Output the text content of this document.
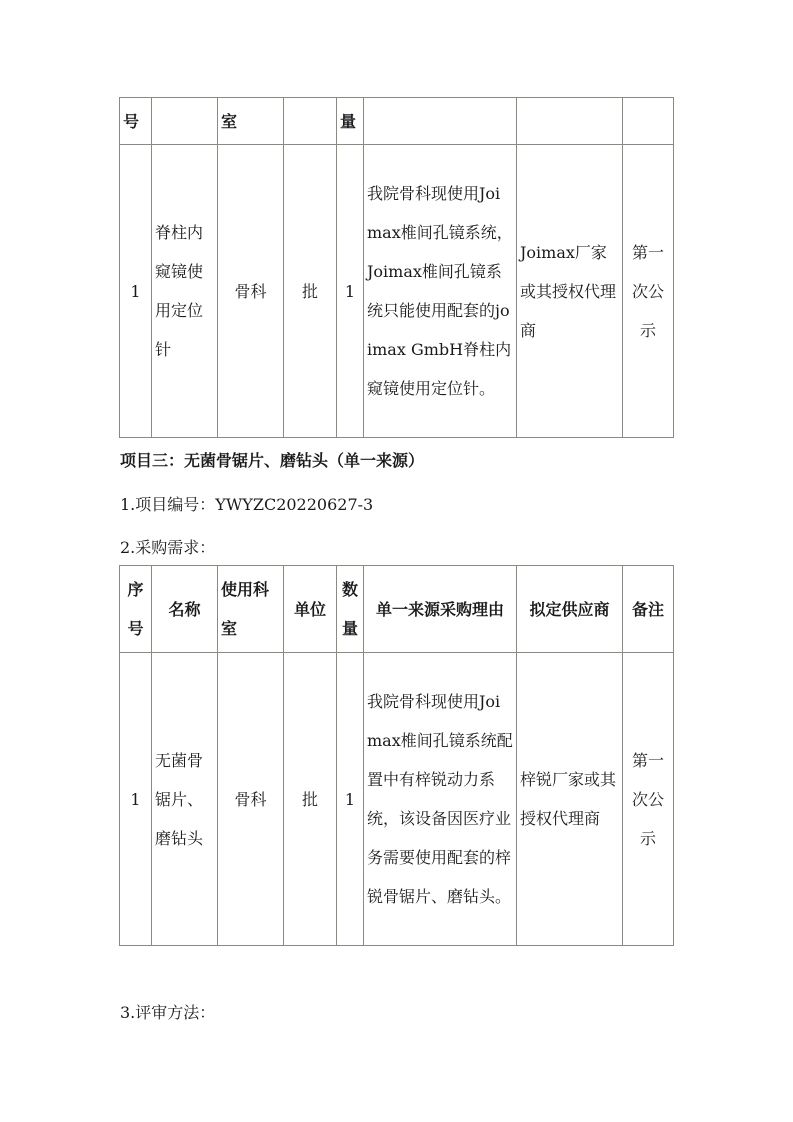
号		室		量			
1	脊柱内窥镜使用定位针	骨科	批	1	我院骨科现使用Joimax椎间孔镜系统，Joimax椎间孔镜系统只能使用配套的joimax GmbH脊柱内窥镜使用定位针。	Joimax厂家或其授权代理商	第一次公示
项目三：无菌骨锯片、磨钻头（单一来源）
1.项目编号：YWYZC20220627-3
2.采购需求：
序号	名称	使用科室	单位	数量	单一来源采购理由	拟定供应商	备注
1	无菌骨锯片、磨钻头	骨科	批	1	我院骨科现使用Joimax椎间孔镜系统配置中有梓锐动力系统，该设备因医疗业务需要使用配套的梓锐骨锯片、磨钻头。	梓锐厂家或其授权代理商	第一次公示
3.评审方法：
